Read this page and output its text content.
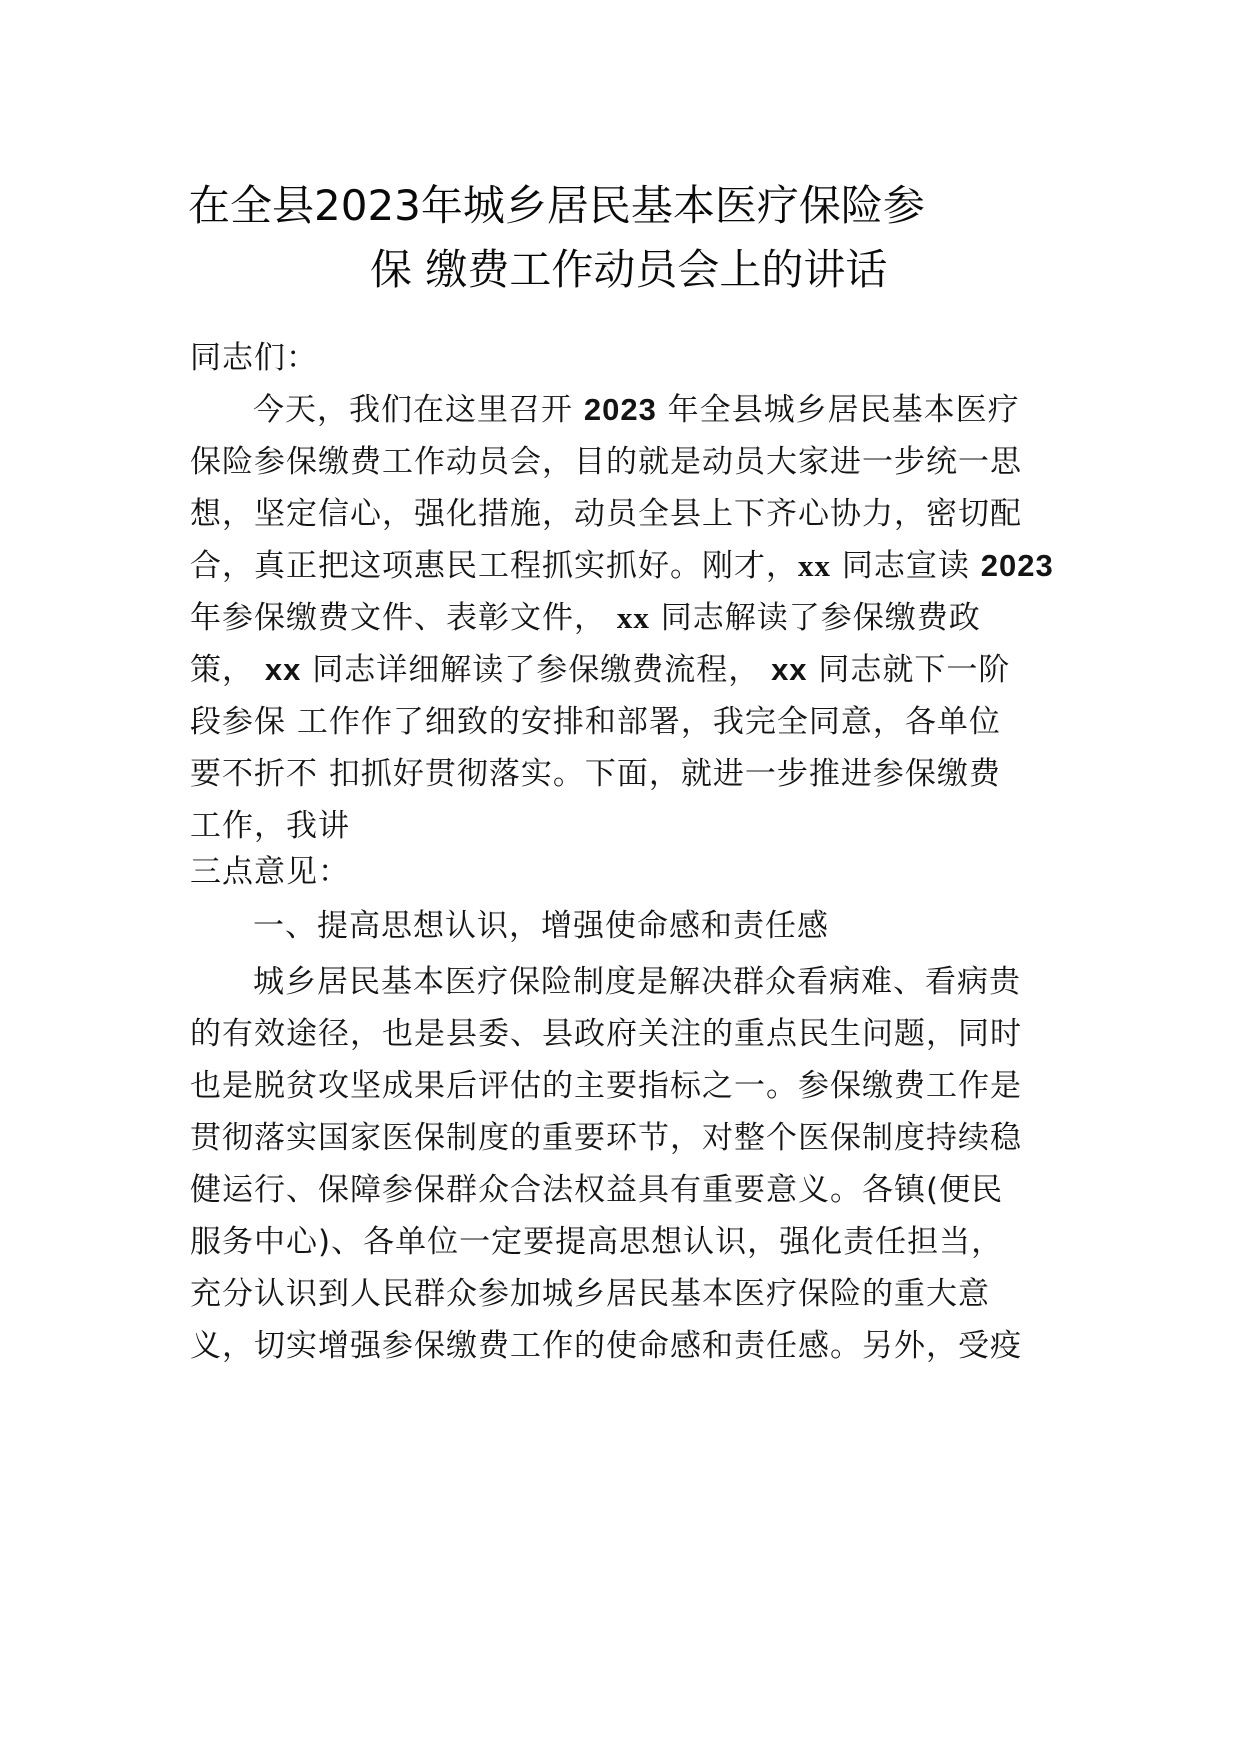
在全县2023年城乡居民基本医疗保险参
保 缴费工作动员会上的讲话
同志们：
今天，我们在这里召开 2023 年全县城乡居民基本医疗
保险参保缴费工作动员会，目的就是动员大家进一步统一思
想，坚定信心，强化措施，动员全县上下齐心协力，密切配
合，真正把这项惠民工程抓实抓好。刚才，xx 同志宣读 2023
年参保缴费文件、表彰文件， xx 同志解读了参保缴费政
策， xx 同志详细解读了参保缴费流程， xx 同志就下一阶
段参保 工作作了细致的安排和部署，我完全同意，各单位
要不折不 扣抓好贯彻落实。下面，就进一步推进参保缴费
工作，我讲
三点意见：
一、提高思想认识，增强使命感和责任感
城乡居民基本医疗保险制度是解决群众看病难、看病贵
的有效途径，也是县委、县政府关注的重点民生问题，同时
也是脱贫攻坚成果后评估的主要指标之一。参保缴费工作是
贯彻落实国家医保制度的重要环节，对整个医保制度持续稳
健运行、保障参保群众合法权益具有重要意义。各镇(便民
服务中心)、各单位一定要提高思想认识，强化责任担当，
充分认识到人民群众参加城乡居民基本医疗保险的重大意
义，切实增强参保缴费工作的使命感和责任感。另外，受疫
